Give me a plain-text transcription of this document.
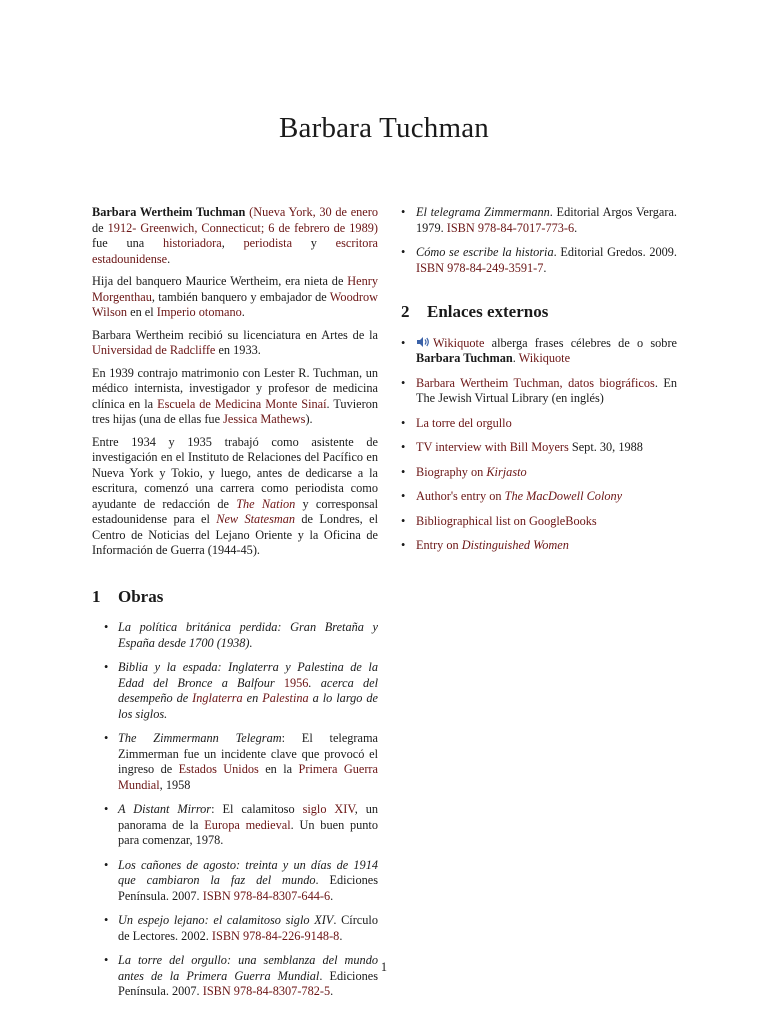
Barbara Tuchman

Barbara Wertheim Tuchman (Nueva York, 30 de enero de 1912- Greenwich, Connecticut; 6 de febrero de 1989) fue una historiadora, periodista y escritora estadounidense.

Hija del banquero Maurice Wertheim, era nieta de Henry Morgenthau, también banquero y embajador de Woodrow Wilson en el Imperio otomano.

Barbara Wertheim recibió su licenciatura en Artes de la Universidad de Radcliffe en 1933.

En 1939 contrajo matrimonio con Lester R. Tuchman, un médico internista, investigador y profesor de medicina clínica en la Escuela de Medicina Monte Sinaí. Tuvieron tres hijas (una de ellas fue Jessica Mathews).

Entre 1934 y 1935 trabajó como asistente de investigación en el Instituto de Relaciones del Pacífico en Nueva York y Tokio, y luego, antes de dedicarse a la escritura, comenzó una carrera como periodista como ayudante de redacción de The Nation y corresponsal estadounidense para el New Statesman de Londres, el Centro de Noticias del Lejano Oriente y la Oficina de Información de Guerra (1944-45).

1 Obras
• La política británica perdida: Gran Bretaña y España desde 1700 (1938).
• Biblia y la espada: Inglaterra y Palestina de la Edad del Bronce a Balfour 1956. acerca del desempeño de Inglaterra en Palestina a lo largo de los siglos.
• The Zimmermann Telegram: El telegrama Zimmerman fue un incidente clave que provocó el ingreso de Estados Unidos en la Primera Guerra Mundial, 1958
• A Distant Mirror: El calamitoso siglo XIV, un panorama de la Europa medieval. Un buen punto para comenzar, 1978.
• Los cañones de agosto: treinta y un días de 1914 que cambiaron la faz del mundo. Ediciones Península. 2007. ISBN 978-84-8307-644-6.
• Un espejo lejano: el calamitoso siglo XIV. Círculo de Lectores. 2002. ISBN 978-84-226-9148-8.
• La torre del orgullo: una semblanza del mundo antes de la Primera Guerra Mundial. Ediciones Península. 2007. ISBN 978-84-8307-782-5.
• El telegrama Zimmermann. Editorial Argos Vergara. 1979. ISBN 978-84-7017-773-6.
• Cómo se escribe la historia. Editorial Gredos. 2009. ISBN 978-84-249-3591-7.
2 Enlaces externos
• Wikiquote alberga frases célebres de o sobre Barbara Tuchman. Wikiquote
• Barbara Wertheim Tuchman, datos biográficos. En The Jewish Virtual Library (en inglés)
• La torre del orgullo
• TV interview with Bill Moyers Sept. 30, 1988
• Biography on Kirjasto
• Author's entry on The MacDowell Colony
• Bibliographical list on GoogleBooks
• Entry on Distinguished Women
1
